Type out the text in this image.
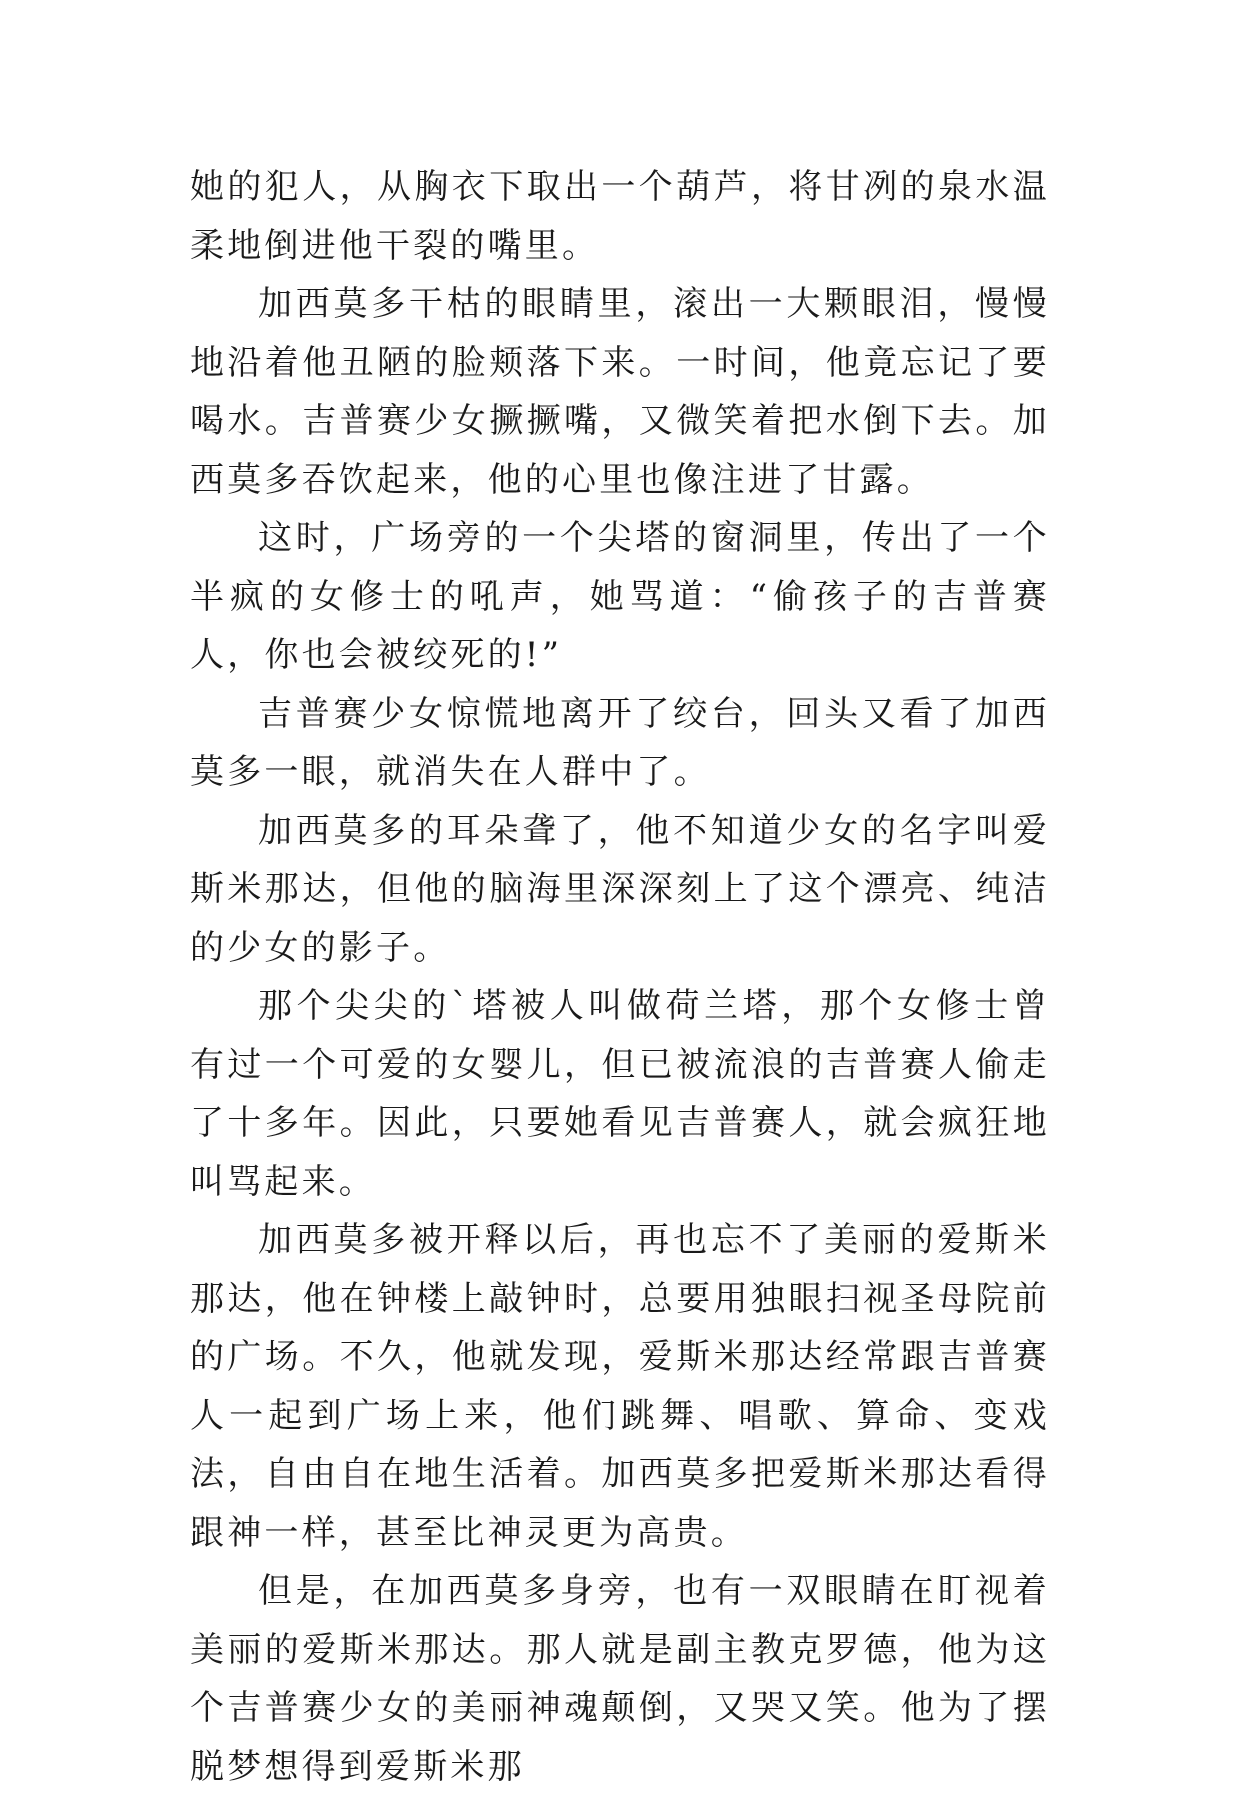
她的犯人，从胸衣下取出一个葫芦，将甘冽的泉水温柔地倒进他干裂的嘴里。

加西莫多干枯的眼睛里，滚出一大颗眼泪，慢慢地沿着他丑陋的脸颊落下来。一时间，他竟忘记了要喝水。吉普赛少女撅撅嘴，又微笑着把水倒下去。加西莫多吞饮起来，他的心里也像注进了甘露。

这时，广场旁的一个尖塔的窗洞里，传出了一个半疯的女修士的吼声，她骂道：“偷孩子的吉普赛人，你也会被绞死的!”

吉普赛少女惊慌地离开了绞台，回头又看了加西莫多一眼，就消失在人群中了。

加西莫多的耳朵聋了，他不知道少女的名字叫爱斯米那达，但他的脑海里深深刻上了这个漂亮、纯洁的少女的影子。

那个尖尖的`塔被人叫做荷兰塔，那个女修士曾有过一个可爱的女婴儿，但已被流浪的吉普赛人偷走了十多年。因此，只要她看见吉普赛人，就会疯狂地叫骂起来。

加西莫多被开释以后，再也忘不了美丽的爱斯米那达，他在钟楼上敲钟时，总要用独眼扫视圣母院前的广场。不久，他就发现，爱斯米那达经常跟吉普赛人一起到广场上来，他们跳舞、唱歌、算命、变戏法，自由自在地生活着。加西莫多把爱斯米那达看得跟神一样，甚至比神灵更为高贵。

但是，在加西莫多身旁，也有一双眼睛在盯视着美丽的爱斯米那达。那人就是副主教克罗德，他为这个吉普赛少女的美丽神魂颠倒，又哭又笑。他为了摆脱梦想得到爱斯米那
